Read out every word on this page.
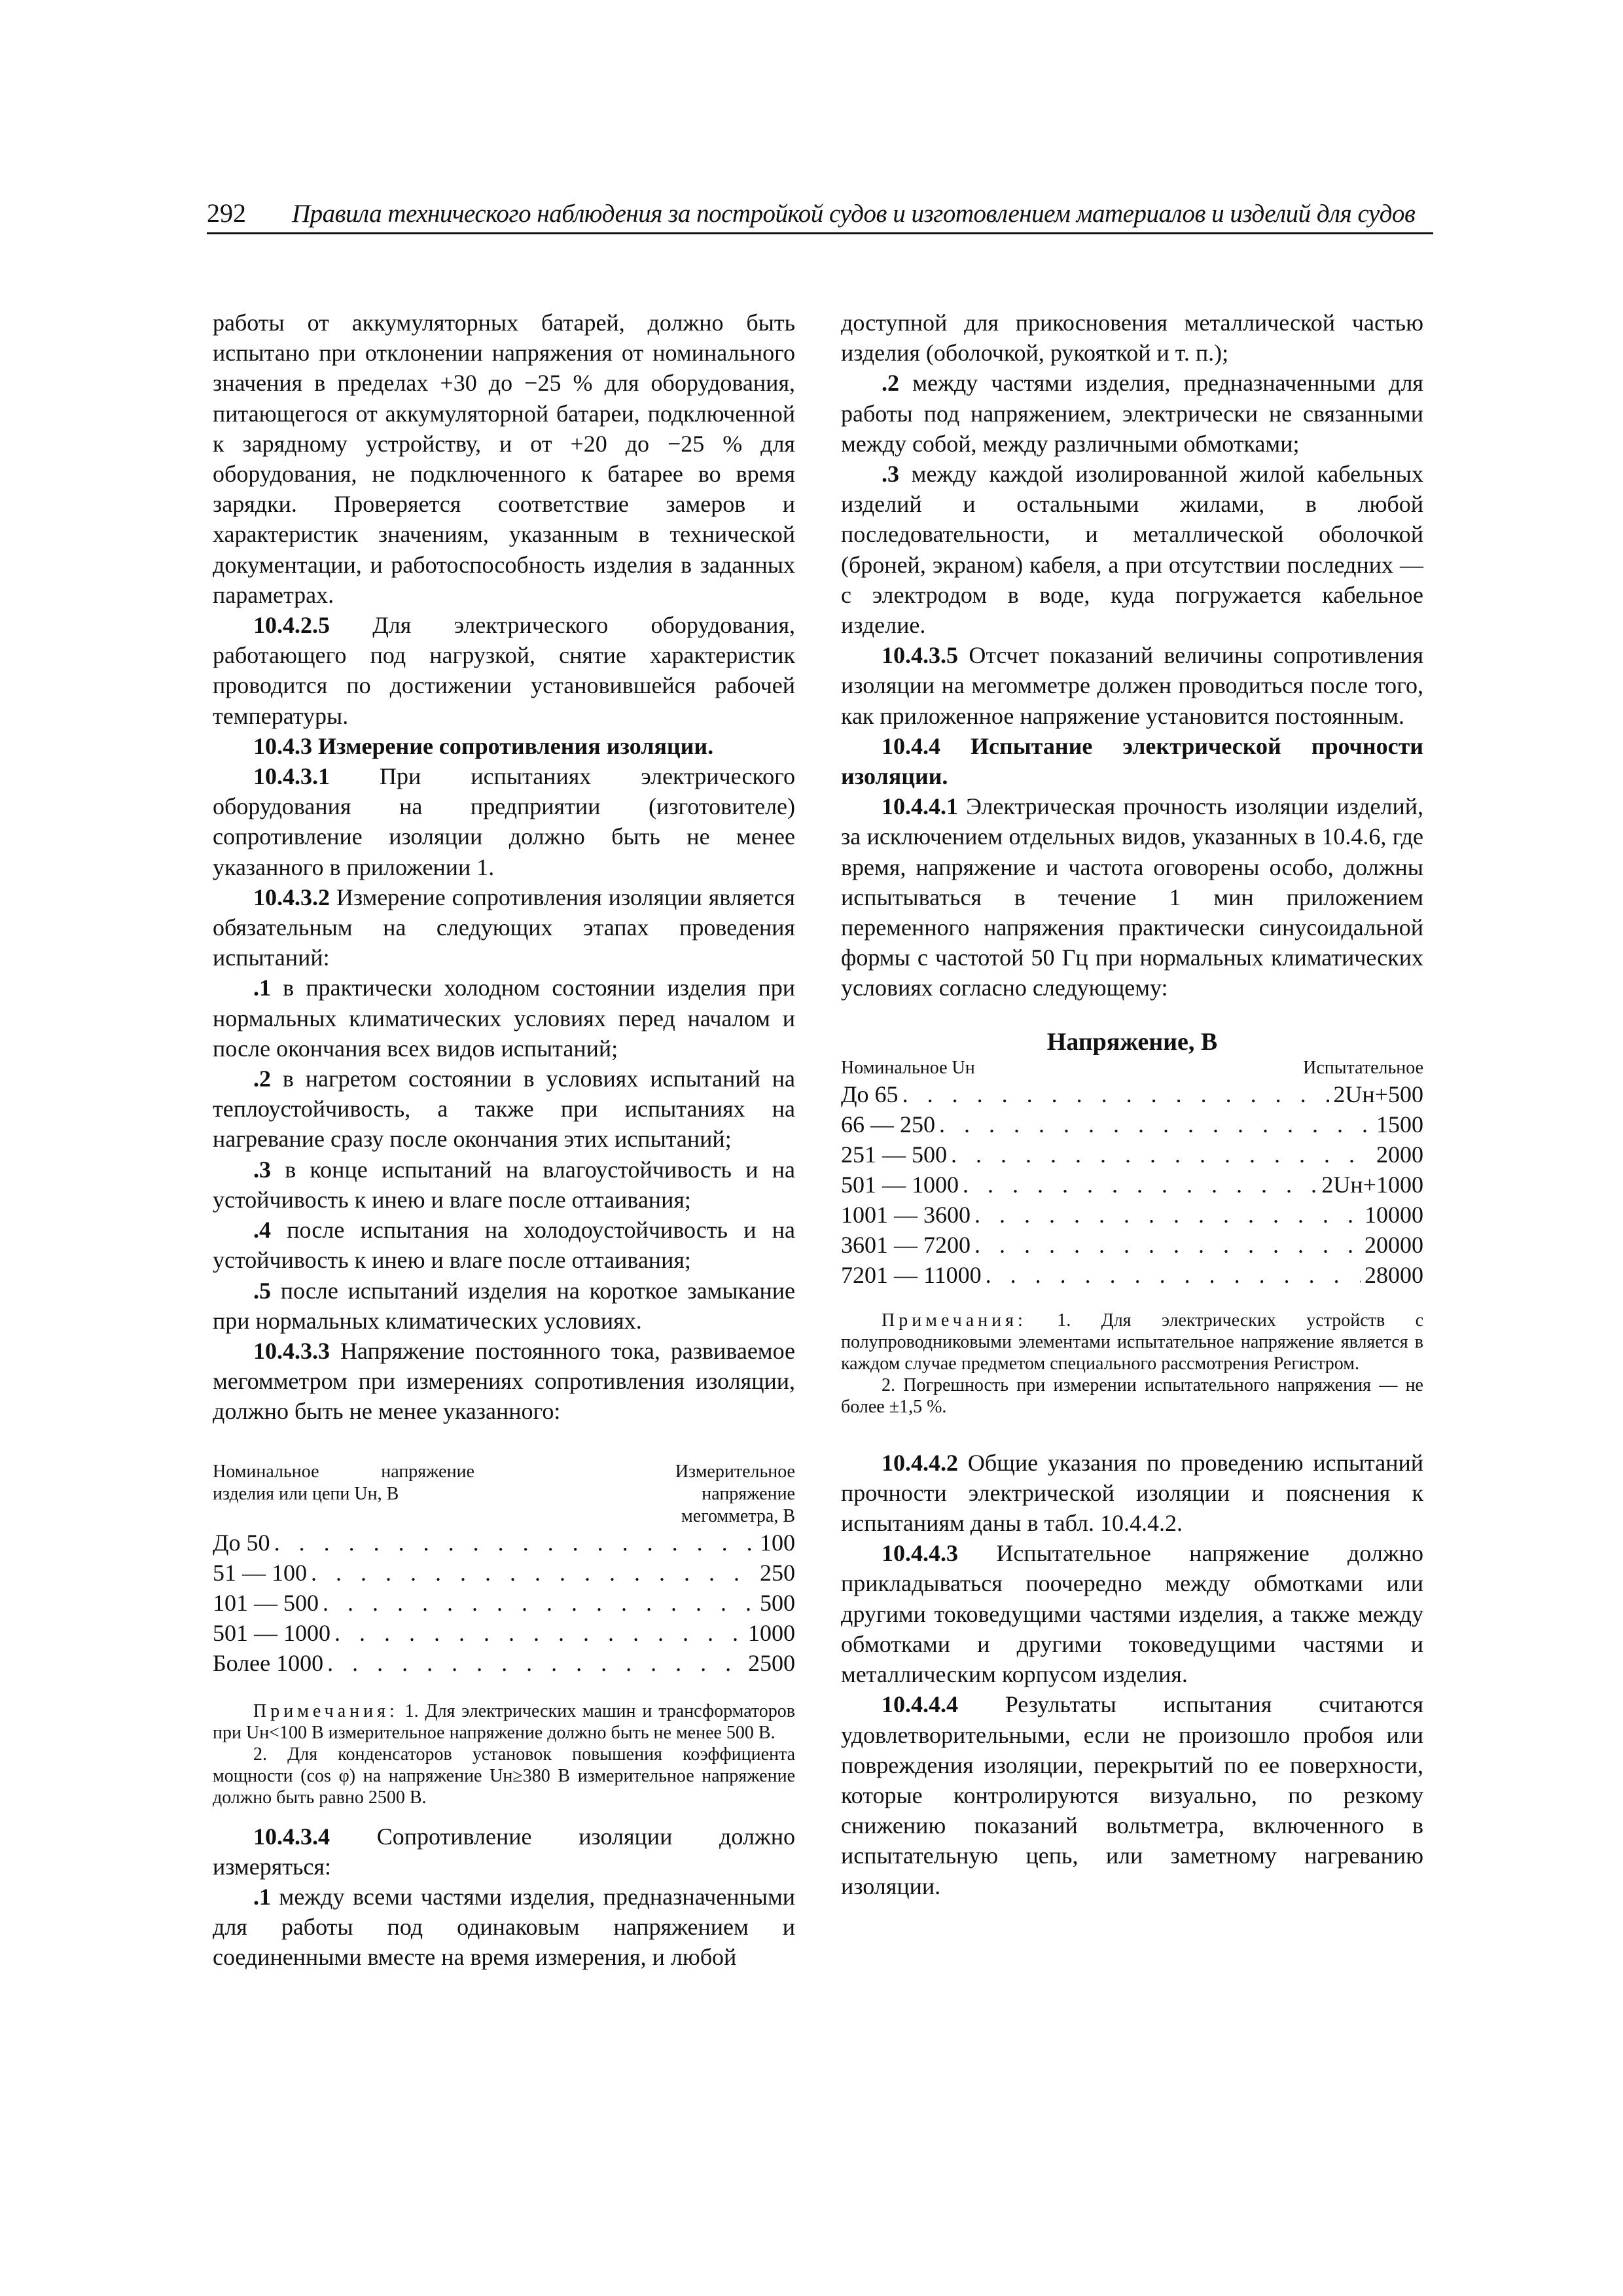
292 Правила технического наблюдения за постройкой судов и изготовлением материалов и изделий для судов

работы от аккумуляторных батарей, должно быть испытано при отклонении напряжения от номинального значения в пределах +30 до −25 % для оборудования, питающегося от аккумуляторной батареи, подключенной к зарядному устройству, и от +20 до −25 % для оборудования, не подключенного к батарее во время зарядки. Проверяется соответствие замеров и характеристик значениям, указанным в технической документации, и работоспособность изделия в заданных параметрах.

10.4.2.5 Для электрического оборудования, работающего под нагрузкой, снятие характеристик проводится по достижении установившейся рабочей температуры.

10.4.3 Измерение сопротивления изоляции.

10.4.3.1 При испытаниях электрического оборудования на предприятии (изготовителе) сопротивление изоляции должно быть не менее указанного в приложении 1.

10.4.3.2 Измерение сопротивления изоляции является обязательным на следующих этапах проведения испытаний:

.1 в практически холодном состоянии изделия при нормальных климатических условиях перед началом и после окончания всех видов испытаний;

.2 в нагретом состоянии в условиях испытаний на теплоустойчивость, а также при испытаниях на нагревание сразу после окончания этих испытаний;

.3 в конце испытаний на влагоустойчивость и на устойчивость к инею и влаге после оттаивания;

.4 после испытания на холодоустойчивость и на устойчивость к инею и влаге после оттаивания;

.5 после испытаний изделия на короткое замыкание при нормальных климатических условиях.

10.4.3.3 Напряжение постоянного тока, развиваемое мегомметром при измерениях сопротивления изоляции, должно быть не менее указанного:

Номинальное напряжение изделия или цепи Uн, В
Измерительное напряжение мегомметра, В
До 50 . . .	100
51 — 100 . . .	250
101 — 500 . . .	500
501 — 1000 . . .	1000
Более 1000 . . .	2500

Примечания: 1. Для электрических машин и трансформаторов при Uн<100 В измерительное напряжение должно быть не менее 500 В.

2. Для конденсаторов установок повышения коэффициента мощности (cos φ) на напряжение Uн≥380 В измерительное напряжение должно быть равно 2500 В.

10.4.3.4 Сопротивление изоляции должно измеряться:

.1 между всеми частями изделия, предназначенными для работы под одинаковым напряжением и соединенными вместе на время измерения, и любой

доступной для прикосновения металлической частью изделия (оболочкой, рукояткой и т. п.);

.2 между частями изделия, предназначенными для работы под напряжением, электрически не связанными между собой, между различными обмотками;

.3 между каждой изолированной жилой кабельных изделий и остальными жилами, в любой последовательности, и металлической оболочкой (броней, экраном) кабеля, а при отсутствии последних — с электродом в воде, куда погружается кабельное изделие.

10.4.3.5 Отсчет показаний величины сопротивления изоляции на мегомметре должен проводиться после того, как приложенное напряжение установится постоянным.

10.4.4 Испытание электрической прочности изоляции.

10.4.4.1 Электрическая прочность изоляции изделий, за исключением отдельных видов, указанных в 10.4.6, где время, напряжение и частота оговорены особо, должны испытываться в течение 1 мин приложением переменного напряжения практически синусоидальной формы с частотой 50 Гц при нормальных климатических условиях согласно следующему:

Напряжение, В
Номинальное Uн	Испытательное
До 65 . . .	2Uн+500
66 — 250 . . .	1500
251 — 500 . . .	2000
501 — 1000 . . .	2Uн+1000
1001 — 3600 . . .	10000
3601 — 7200 . . .	20000
7201 — 11000 . . .	28000

Примечания: 1. Для электрических устройств с полупроводниковыми элементами испытательное напряжение является в каждом случае предметом специального рассмотрения Регистром.

2. Погрешность при измерении испытательного напряжения — не более ±1,5 %.

10.4.4.2 Общие указания по проведению испытаний прочности электрической изоляции и пояснения к испытаниям даны в табл. 10.4.4.2.

10.4.4.3 Испытательное напряжение должно прикладываться поочередно между обмотками или другими токоведущими частями изделия, а также между обмотками и другими токоведущими частями и металлическим корпусом изделия.

10.4.4.4 Результаты испытания считаются удовлетворительными, если не произошло пробоя или повреждения изоляции, перекрытий по ее поверхности, которые контролируются визуально, по резкому снижению показаний вольтметра, включенного в испытательную цепь, или заметному нагреванию изоляции.
